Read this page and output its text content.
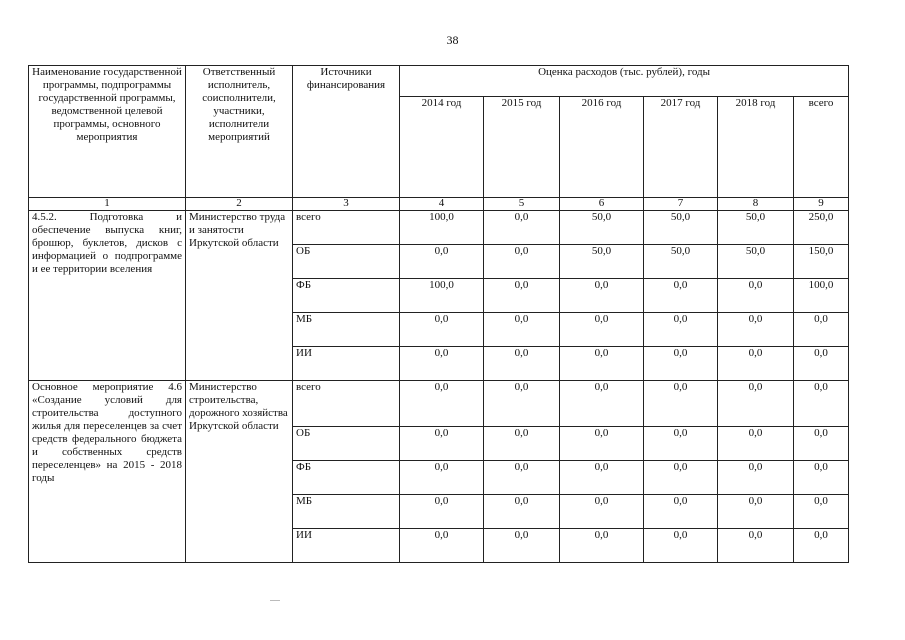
38
Наименование государственной программы, подпрограммы государственной программы, ведомственной целевой программы, основного мероприятия	Ответственный исполнитель, соисполнители, участники, исполнители мероприятий	Источники финансирования	Оценка расходов (тыс. рублей), годы					
			2014 год	2015 год	2016 год	2017 год	2018 год	всего
1	2	3	4	5	6	7	8	9
4.5.2. Подготовка и обеспечение выпуска книг, брошюр, буклетов, дисков с информацией о подпрограмме и ее территории вселения	Министерство труда и занятости Иркутской области	всего	100,0	0,0	50,0	50,0	50,0	250,0
		ОБ	0,0	0,0	50,0	50,0	50,0	150,0
		ФБ	100,0	0,0	0,0	0,0	0,0	100,0
		МБ	0,0	0,0	0,0	0,0	0,0	0,0
		ИИ	0,0	0,0	0,0	0,0	0,0	0,0
Основное мероприятие 4.6 «Создание условий для строительства доступного жилья для переселенцев за счет средств федерального бюджета и собственных средств переселенцев» на 2015 - 2018 годы	Министерство строительства, дорожного хозяйства Иркутской области	всего	0,0	0,0	0,0	0,0	0,0	0,0
		ОБ	0,0	0,0	0,0	0,0	0,0	0,0
		ФБ	0,0	0,0	0,0	0,0	0,0	0,0
		МБ	0,0	0,0	0,0	0,0	0,0	0,0
		ИИ	0,0	0,0	0,0	0,0	0,0	0,0
